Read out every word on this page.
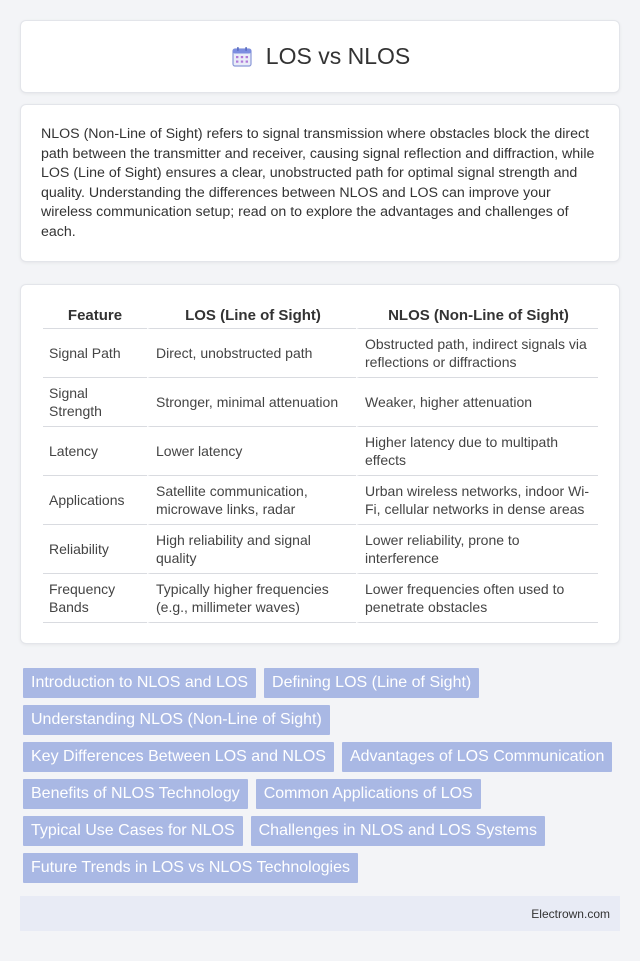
LOS vs NLOS

NLOS (Non-Line of Sight) refers to signal transmission where obstacles block the direct path between the transmitter and receiver, causing signal reflection and diffraction, while LOS (Line of Sight) ensures a clear, unobstructed path for optimal signal strength and quality. Understanding the differences between NLOS and LOS can improve your wireless communication setup; read on to explore the advantages and challenges of each.

Feature	LOS (Line of Sight)	NLOS (Non-Line of Sight)
Signal Path	Direct, unobstructed path	Obstructed path, indirect signals via reflections or diffractions
Signal Strength	Stronger, minimal attenuation	Weaker, higher attenuation
Latency	Lower latency	Higher latency due to multipath effects
Applications	Satellite communication, microwave links, radar	Urban wireless networks, indoor Wi-Fi, cellular networks in dense areas
Reliability	High reliability and signal quality	Lower reliability, prone to interference
Frequency Bands	Typically higher frequencies (e.g., millimeter waves)	Lower frequencies often used to penetrate obstacles
Introduction to NLOS and LOS	Defining LOS (Line of Sight)
Understanding NLOS (Non-Line of Sight)
Key Differences Between LOS and NLOS	Advantages of LOS Communication
Benefits of NLOS Technology	Common Applications of LOS
Typical Use Cases for NLOS	Challenges in NLOS and LOS Systems
Future Trends in LOS vs NLOS Technologies
Electrown.com
